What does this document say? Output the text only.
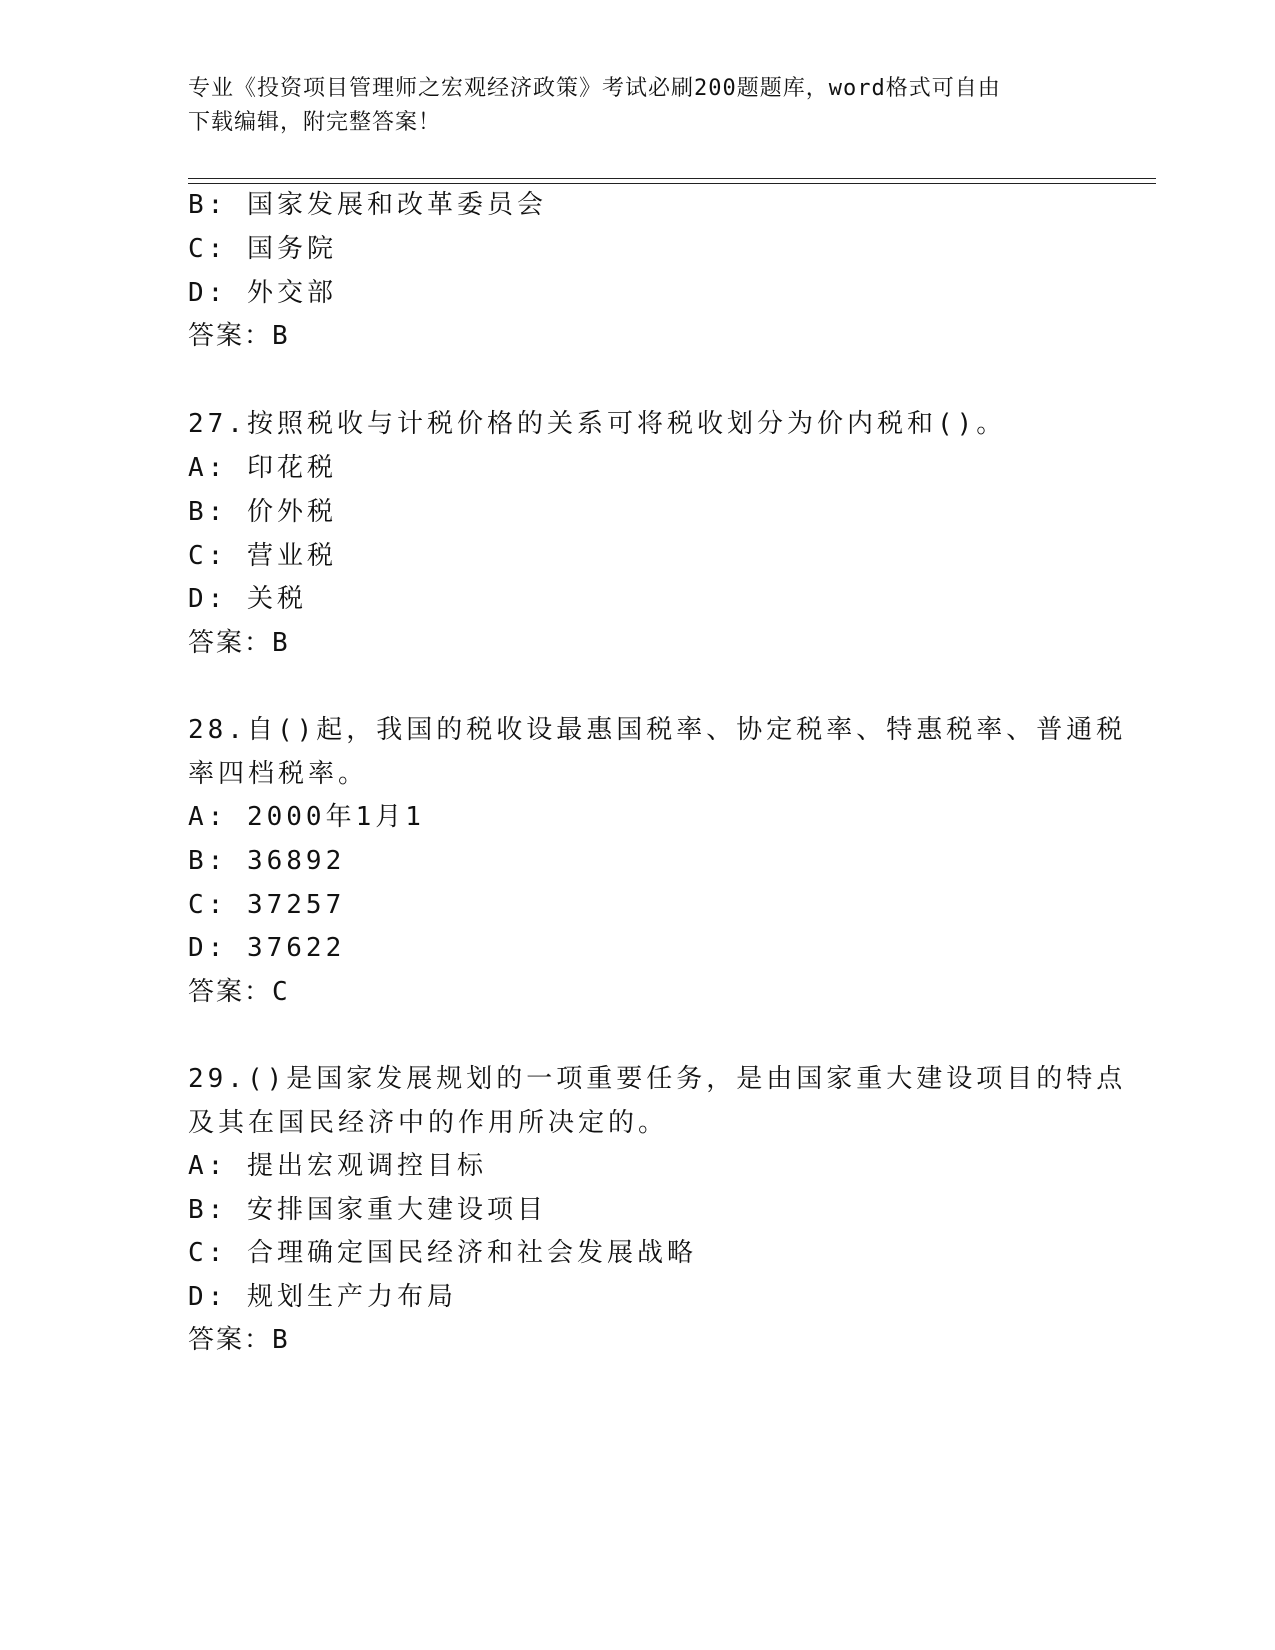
专业《投资项目管理师之宏观经济政策》考试必刷200题题库，word格式可自由
下载编辑，附完整答案！
B: 国家发展和改革委员会
C: 国务院
D: 外交部
答案：B
27.按照税收与计税价格的关系可将税收划分为价内税和()。
A: 印花税
B: 价外税
C: 营业税
D: 关税
答案：B
28.自()起，我国的税收设最惠国税率、协定税率、特惠税率、普通税
率四档税率。
A: 2000年1月1
B: 36892
C: 37257
D: 37622
答案：C
29.()是国家发展规划的一项重要任务，是由国家重大建设项目的特点
及其在国民经济中的作用所决定的。
A: 提出宏观调控目标
B: 安排国家重大建设项目
C: 合理确定国民经济和社会发展战略
D: 规划生产力布局
答案：B
